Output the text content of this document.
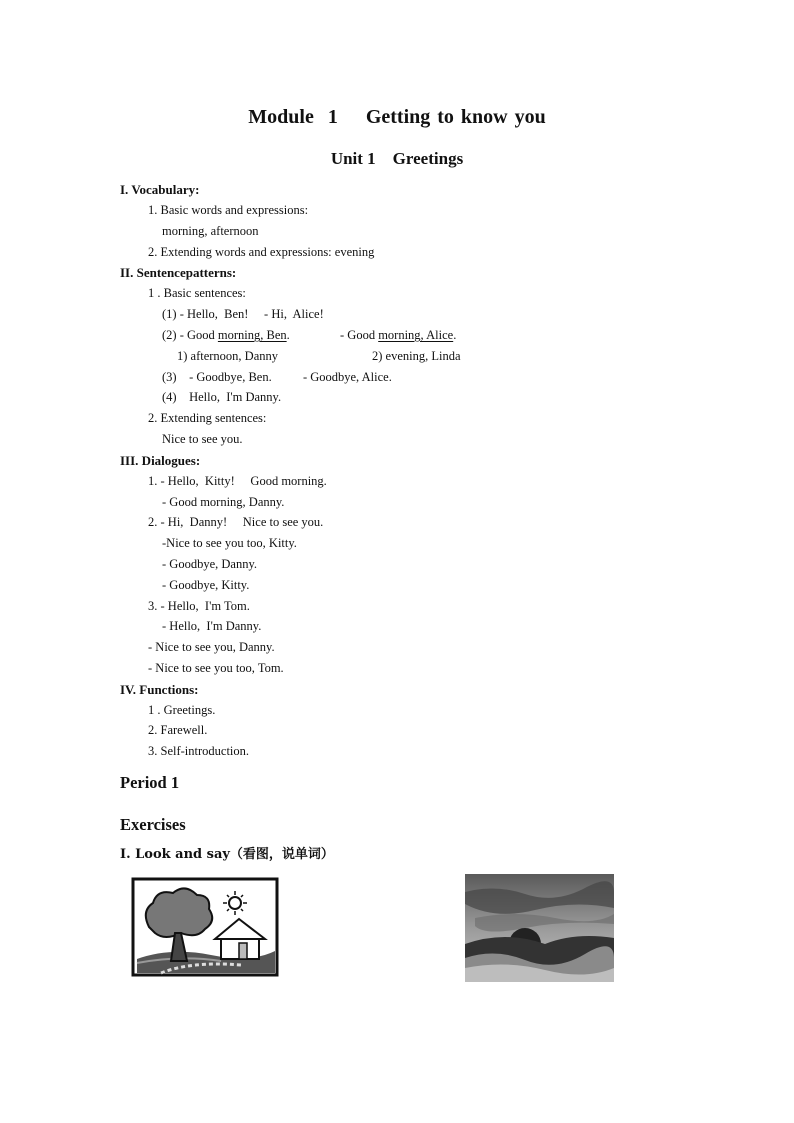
Module  1    Getting to know you
Unit 1    Greetings
I. Vocabulary:
1. Basic words and expressions:
morning, afternoon
2. Extending words and expressions: evening
II. Sentencepatterns:
1 . Basic sentences:
(1) - Hello,  Ben!     - Hi,  Alice!
(2) - Good morning, Ben.	- Good morning, Alice.
1) afternoon, Danny	2) evening, Linda
(3)    - Goodbye, Ben.          - Goodbye, Alice.
(4)    Hello,  I'm Danny.
2. Extending sentences:
Nice to see you.
III. Dialogues:
1. - Hello,  Kitty!     Good morning.
- Good morning, Danny.
2. - Hi,  Danny!     Nice to see you.
-Nice to see you too, Kitty.
- Goodbye, Danny.
- Goodbye, Kitty.
3. - Hello,  I'm Tom.
- Hello,  I'm Danny.
- Nice to see you, Danny.
- Nice to see you too, Tom.
IV. Functions:
1 . Greetings.
2. Farewell.
3. Self-introduction.
Period 1
Exercises
I. Look and say（看图，说单词）
